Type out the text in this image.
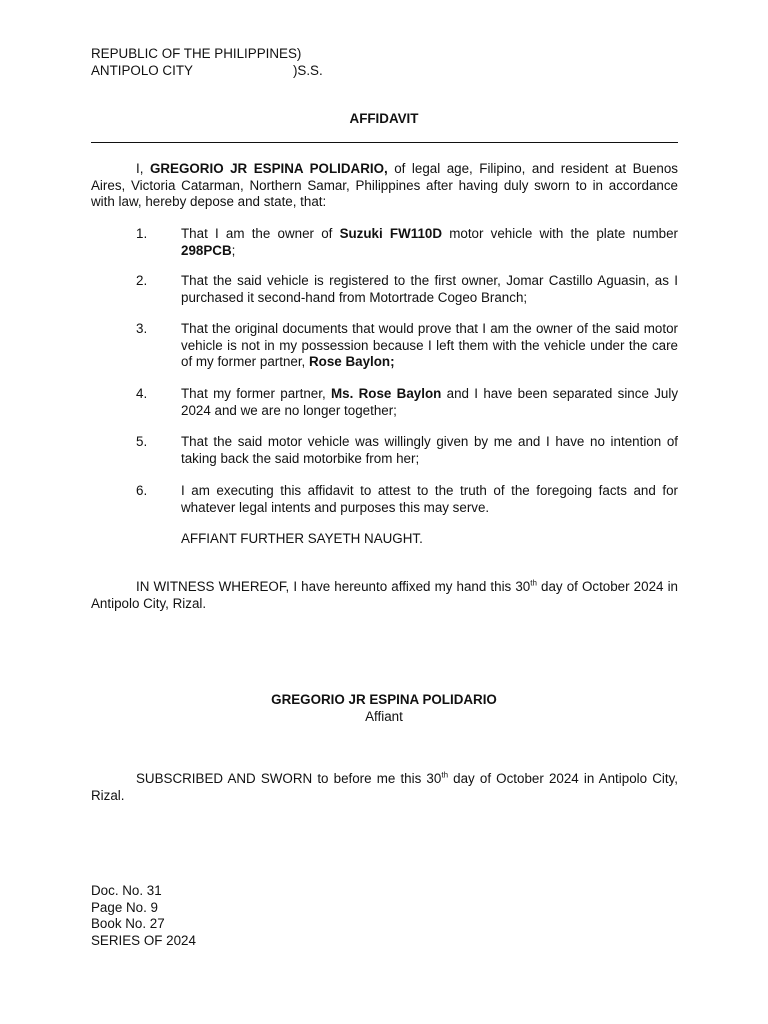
REPUBLIC OF THE PHILIPPINES)
ANTIPOLO CITY	)S.S.
AFFIDAVIT
I, GREGORIO JR ESPINA POLIDARIO, of legal age, Filipino, and resident at Buenos Aires, Victoria Catarman, Northern Samar, Philippines after having duly sworn to in accordance with law, hereby depose and state, that:
1.	That I am the owner of Suzuki FW110D motor vehicle with the plate number 298PCB;
2.	That the said vehicle is registered to the first owner, Jomar Castillo Aguasin, as I purchased it second-hand from Motortrade Cogeo Branch;
3.	That the original documents that would prove that I am the owner of the said motor vehicle is not in my possession because I left them with the vehicle under the care of my former partner, Rose Baylon;
4.	That my former partner, Ms. Rose Baylon and I have been separated since July 2024 and we are no longer together;
5.	That the said motor vehicle was willingly given by me and I have no intention of taking back the said motorbike from her;
6.	I am executing this affidavit to attest to the truth of the foregoing facts and for whatever legal intents and purposes this may serve.
AFFIANT FURTHER SAYETH NAUGHT.
IN WITNESS WHEREOF, I have hereunto affixed my hand this 30th day of October 2024 in Antipolo City, Rizal.
GREGORIO JR ESPINA POLIDARIO
Affiant
SUBSCRIBED AND SWORN to before me this 30th day of October 2024 in Antipolo City, Rizal.
Doc. No. 31
Page No. 9
Book No. 27
SERIES OF 2024
